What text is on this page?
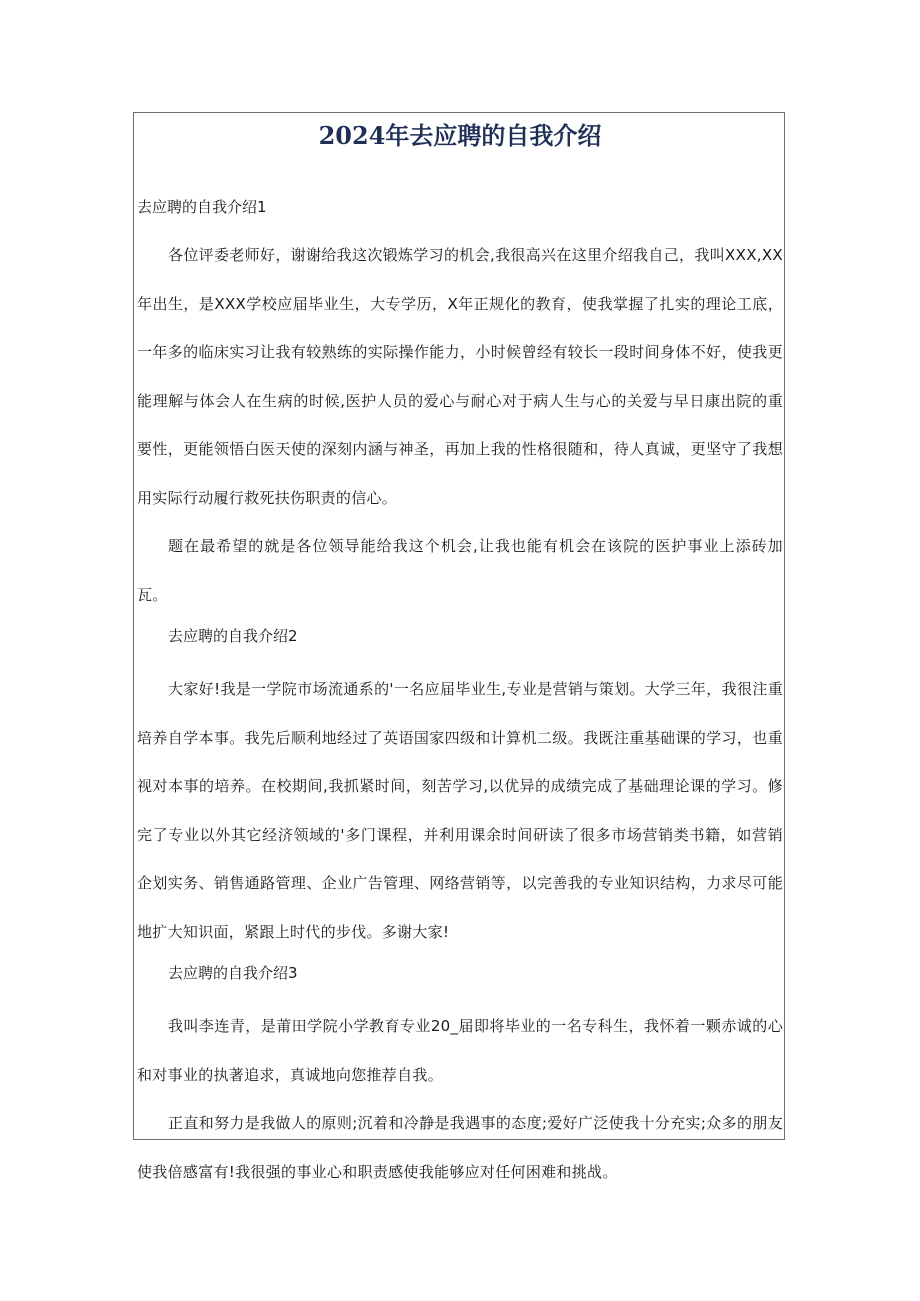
2024年去应聘的自我介绍
去应聘的自我介绍1

各位评委老师好，谢谢给我这次锻炼学习的机会,我很高兴在这里介绍我自己，我叫XXX,XX年出生，是XXX学校应届毕业生，大专学历，X年正规化的教育，使我掌握了扎实的理论工底，一年多的临床实习让我有较熟练的实际操作能力，小时候曾经有较长一段时间身体不好，使我更能理解与体会人在生病的时候,医护人员的爱心与耐心对于病人生与心的关爱与早日康出院的重要性，更能领悟白医天使的深刻内涵与神圣，再加上我的性格很随和，待人真诚，更坚守了我想用实际行动履行救死扶伤职责的信心。

题在最希望的就是各位领导能给我这个机会,让我也能有机会在该院的医护事业上添砖加瓦。

去应聘的自我介绍2

大家好!我是一学院市场流通系的'一名应届毕业生,专业是营销与策划。大学三年，我很注重培养自学本事。我先后顺利地经过了英语国家四级和计算机二级。我既注重基础课的学习，也重视对本事的培养。在校期间,我抓紧时间，刻苦学习,以优异的成绩完成了基础理论课的学习。修完了专业以外其它经济领域的'多门课程，并利用课余时间研读了很多市场营销类书籍，如营销企划实务、销售通路管理、企业广告管理、网络营销等，以完善我的专业知识结构，力求尽可能地扩大知识面，紧跟上时代的步伐。多谢大家!

去应聘的自我介绍3

我叫李连青，是莆田学院小学教育专业20_届即将毕业的一名专科生，我怀着一颗赤诚的心和对事业的执著追求，真诚地向您推荐自我。

正直和努力是我做人的原则;沉着和冷静是我遇事的态度;爱好广泛使我十分充实;众多的朋友使我倍感富有!我很强的事业心和职责感使我能够应对任何困难和挑战。
